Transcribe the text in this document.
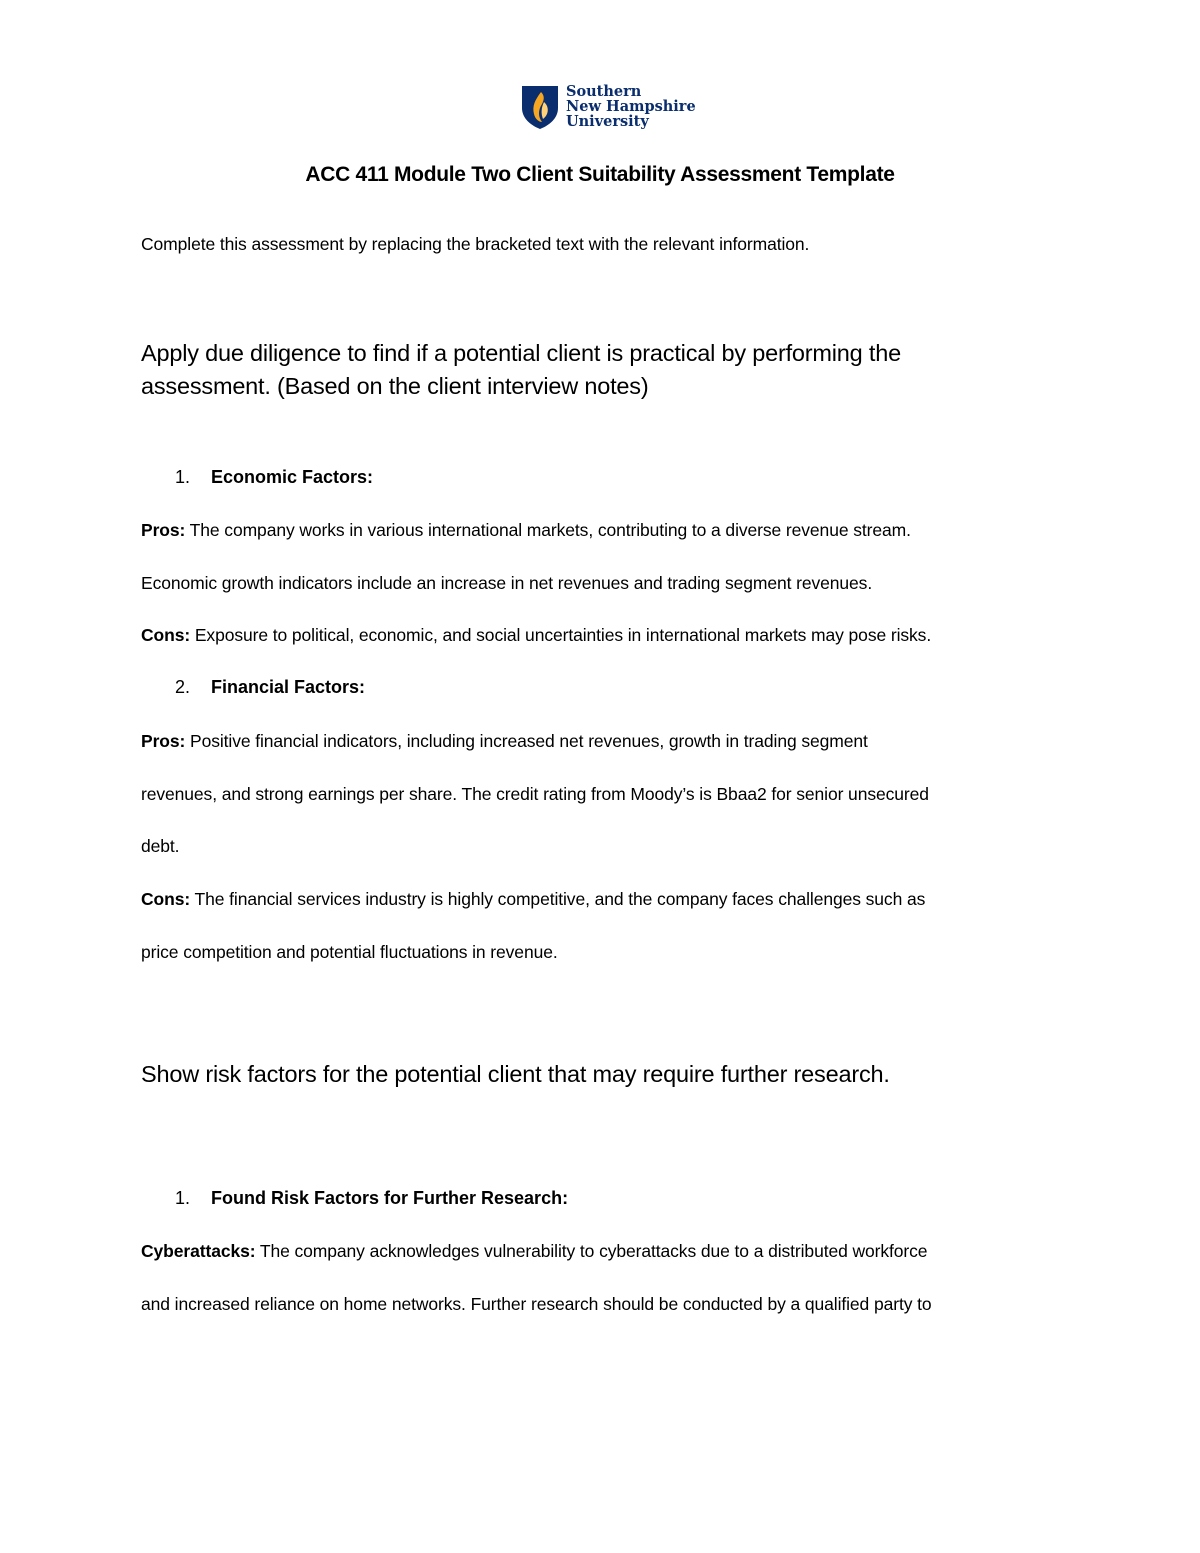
Southern
New Hampshire
University
ACC 411 Module Two Client Suitability Assessment Template
Complete this assessment by replacing the bracketed text with the relevant information.
Apply due diligence to find if a potential client is practical by performing the
assessment. (Based on the client interview notes)
1. Economic Factors:
Pros: The company works in various international markets, contributing to a diverse revenue stream.
Economic growth indicators include an increase in net revenues and trading segment revenues.
Cons: Exposure to political, economic, and social uncertainties in international markets may pose risks.
2. Financial Factors:
Pros: Positive financial indicators, including increased net revenues, growth in trading segment
revenues, and strong earnings per share. The credit rating from Moody’s is Bbaa2 for senior unsecured
debt.
Cons: The financial services industry is highly competitive, and the company faces challenges such as
price competition and potential fluctuations in revenue.
Show risk factors for the potential client that may require further research.
1. Found Risk Factors for Further Research:
Cyberattacks: The company acknowledges vulnerability to cyberattacks due to a distributed workforce
and increased reliance on home networks. Further research should be conducted by a qualified party to
